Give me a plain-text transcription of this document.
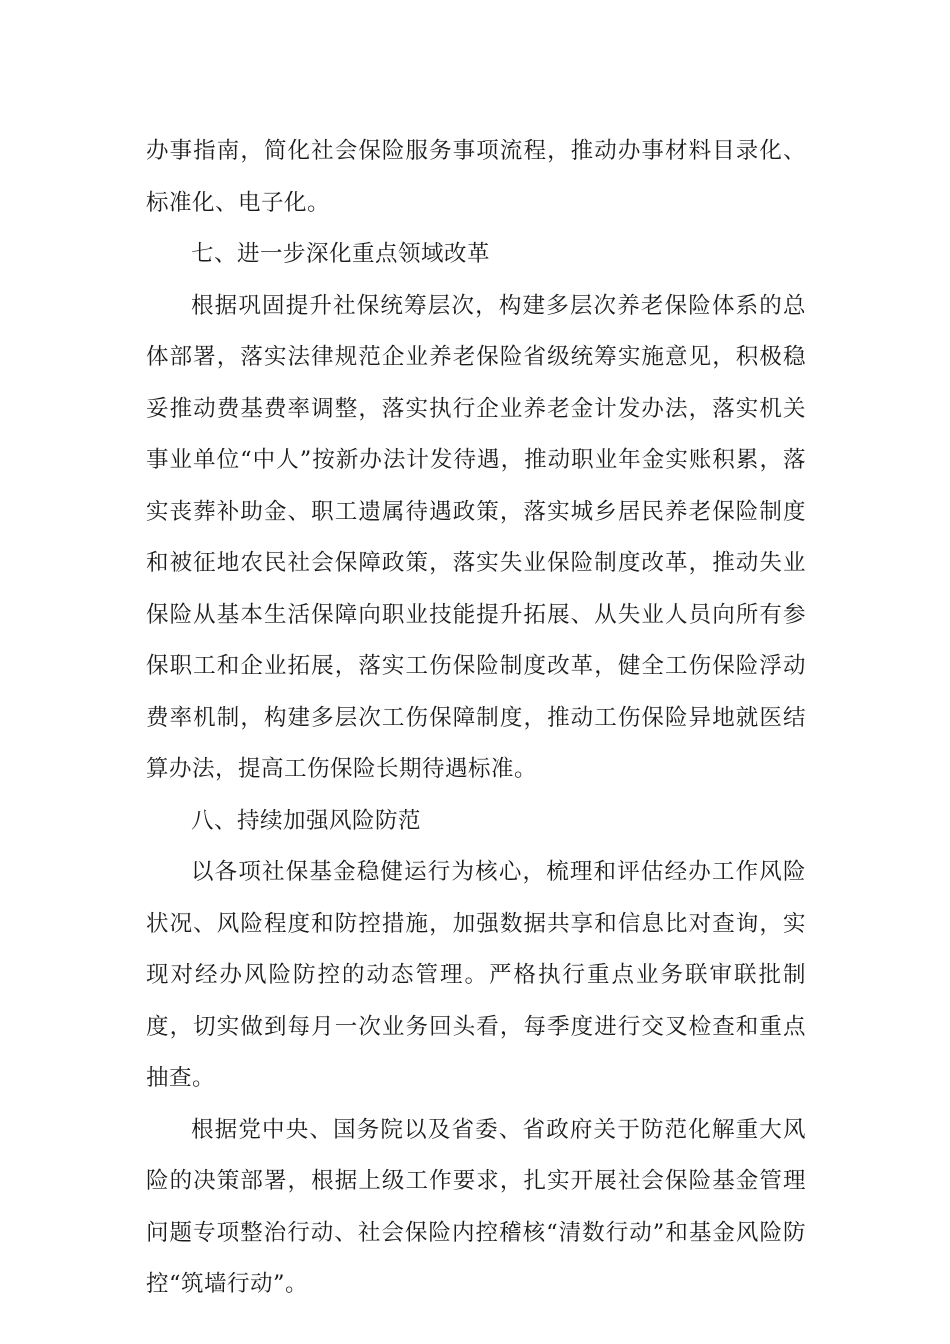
办事指南，简化社会保险服务事项流程，推动办事材料目录化、标准化、电子化。

七、进一步深化重点领域改革

根据巩固提升社保统筹层次，构建多层次养老保险体系的总体部署，落实法律规范企业养老保险省级统筹实施意见，积极稳妥推动费基费率调整，落实执行企业养老金计发办法，落实机关事业单位“中人”按新办法计发待遇，推动职业年金实账积累，落实丧葬补助金、职工遗属待遇政策，落实城乡居民养老保险制度和被征地农民社会保障政策，落实失业保险制度改革，推动失业保险从基本生活保障向职业技能提升拓展、从失业人员向所有参保职工和企业拓展，落实工伤保险制度改革，健全工伤保险浮动费率机制，构建多层次工伤保障制度，推动工伤保险异地就医结算办法，提高工伤保险长期待遇标准。

八、持续加强风险防范

以各项社保基金稳健运行为核心，梳理和评估经办工作风险状况、风险程度和防控措施，加强数据共享和信息比对查询，实现对经办风险防控的动态管理。严格执行重点业务联审联批制度，切实做到每月一次业务回头看，每季度进行交叉检查和重点抽查。

根据党中央、国务院以及省委、省政府关于防范化解重大风险的决策部署，根据上级工作要求，扎实开展社会保险基金管理问题专项整治行动、社会保险内控稽核“清数行动”和基金风险防控“筑墙行动”。
